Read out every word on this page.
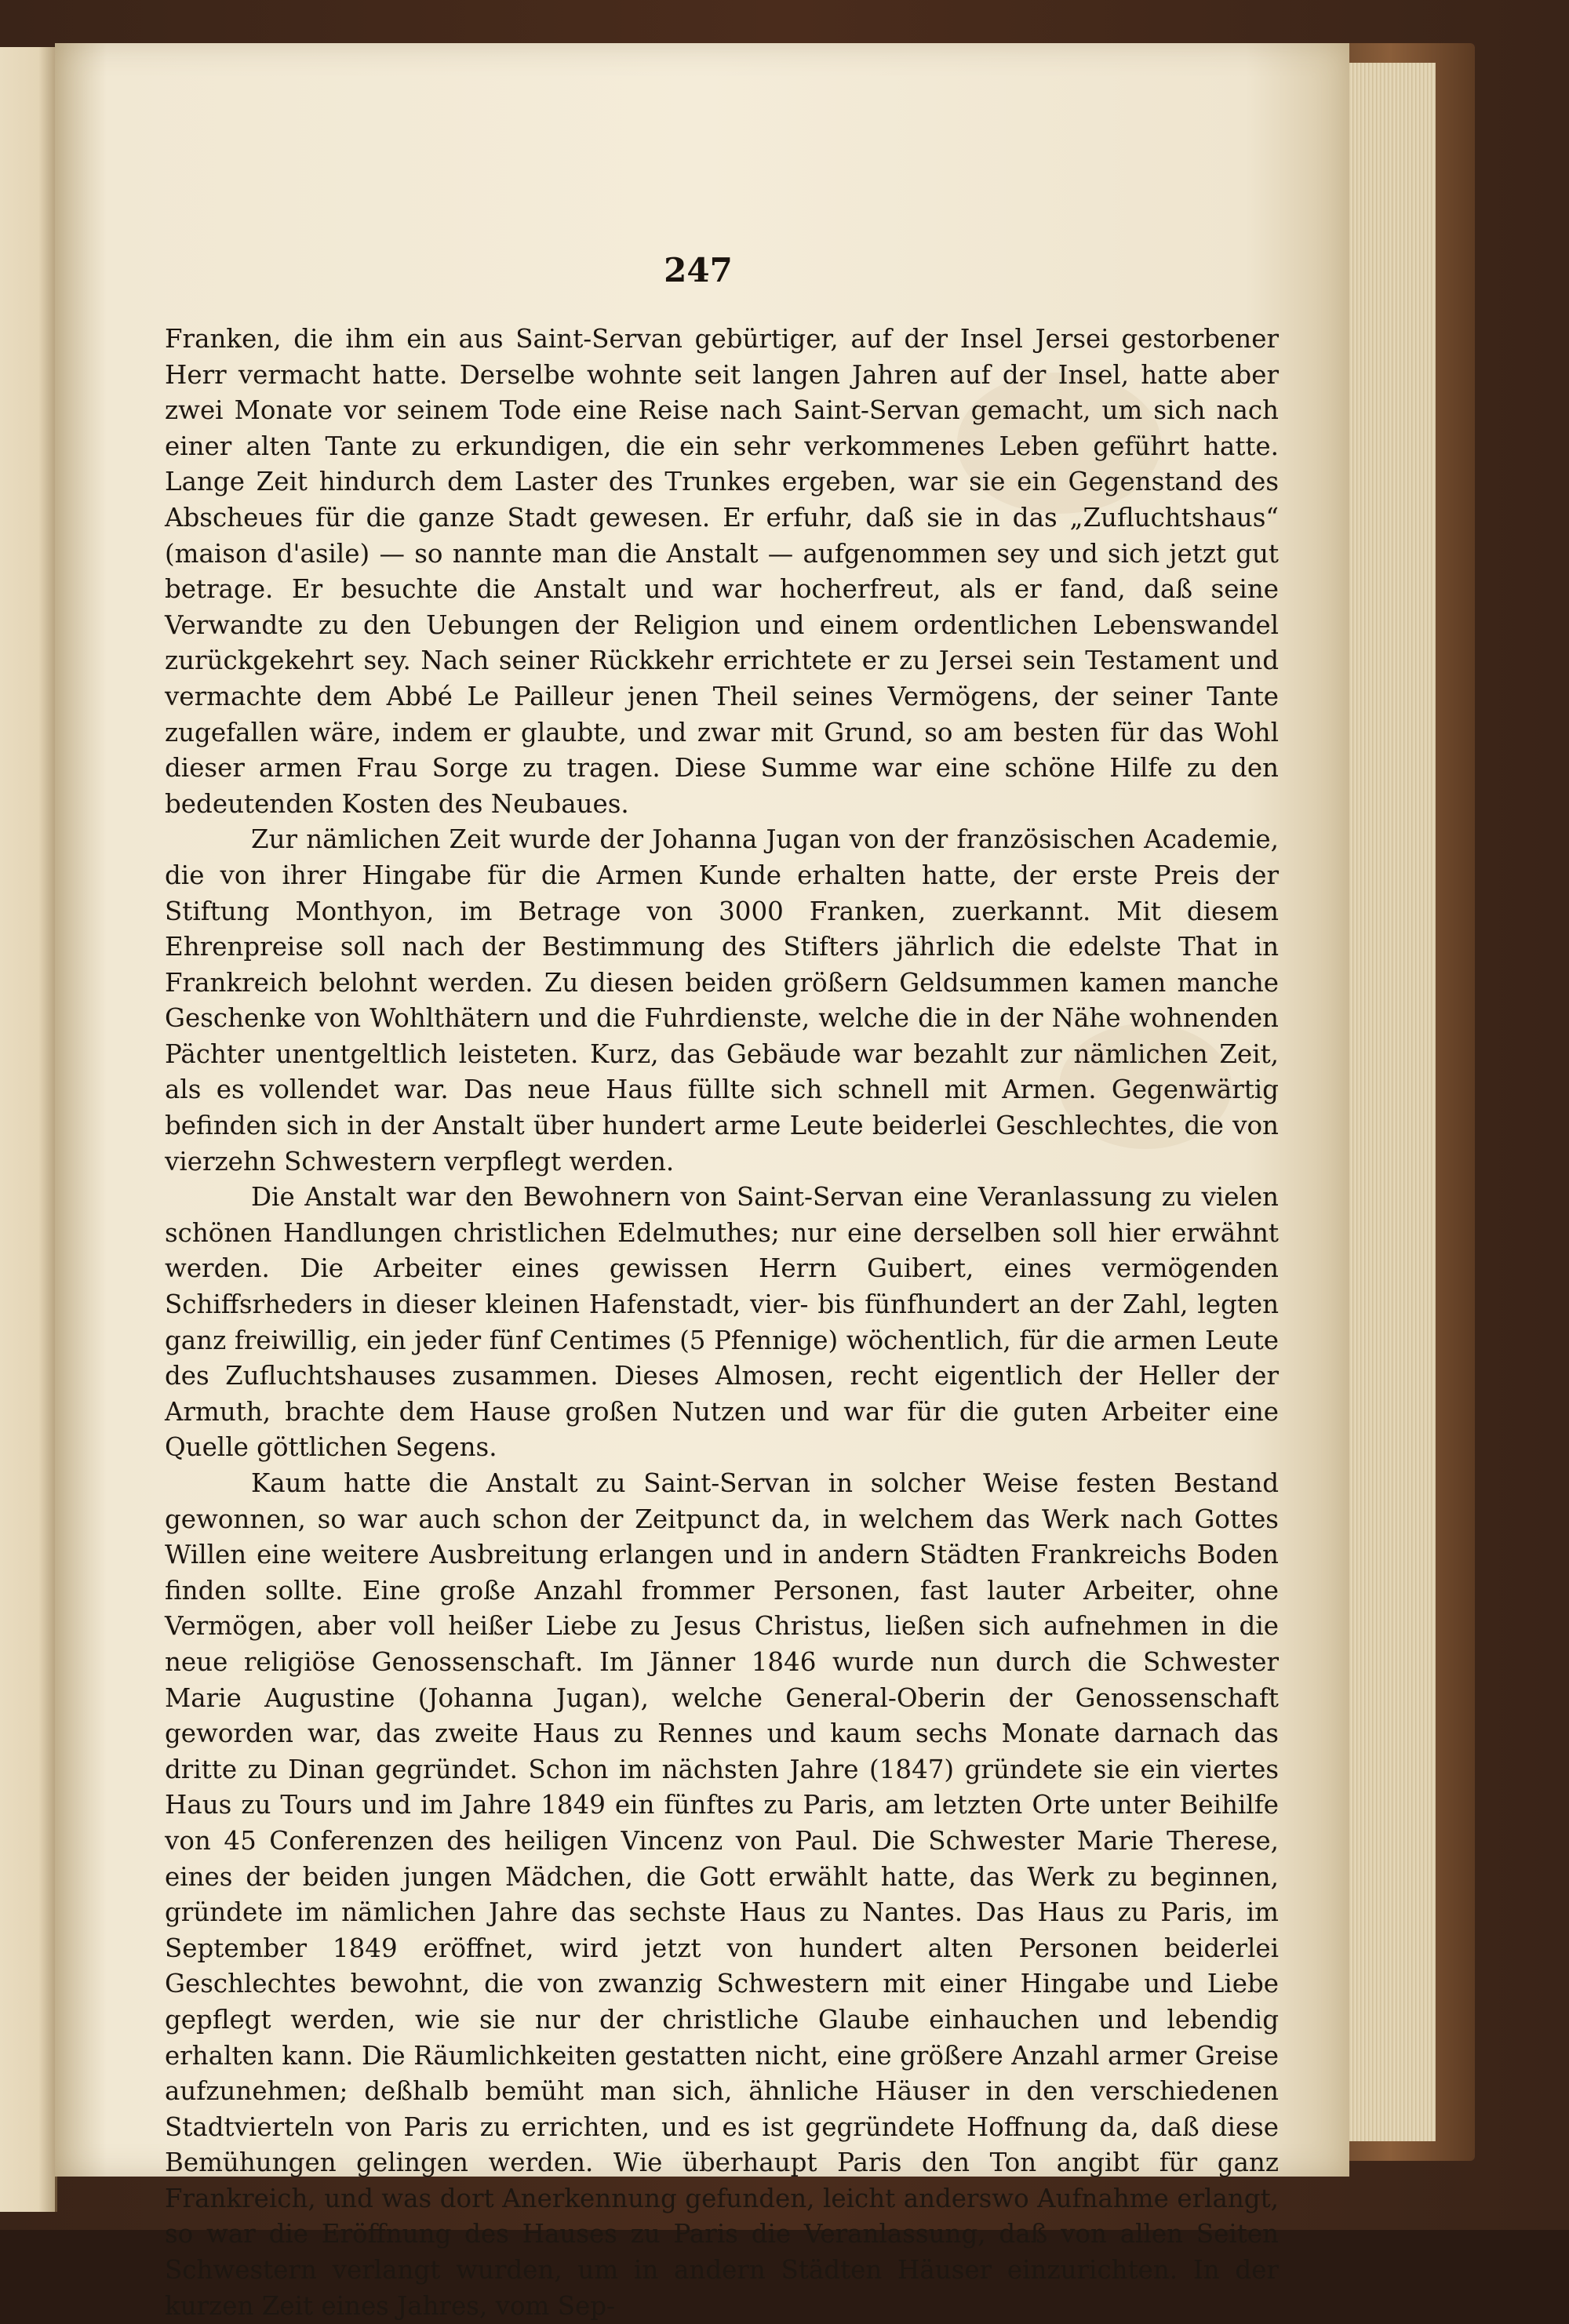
247

Franken, die ihm ein aus Saint-Servan gebürtiger, auf der Insel Jersei gestorbener Herr vermacht hatte. Derselbe wohnte seit langen Jahren auf der Insel, hatte aber zwei Monate vor seinem Tode eine Reise nach Saint-Servan gemacht, um sich nach einer alten Tante zu erkundigen, die ein sehr verkommenes Leben geführt hatte. Lange Zeit hindurch dem Laster des Trunkes ergeben, war sie ein Gegenstand des Abscheues für die ganze Stadt gewesen. Er erfuhr, daß sie in das „Zufluchtshaus“ (maison d'asile) — so nannte man die Anstalt — aufgenommen sey und sich jetzt gut betrage. Er besuchte die Anstalt und war hocherfreut, als er fand, daß seine Verwandte zu den Uebungen der Religion und einem ordentlichen Lebenswandel zurückgekehrt sey. Nach seiner Rückkehr errichtete er zu Jersei sein Testament und vermachte dem Abbé Le Pailleur jenen Theil seines Vermögens, der seiner Tante zugefallen wäre, indem er glaubte, und zwar mit Grund, so am besten für das Wohl dieser armen Frau Sorge zu tragen. Diese Summe war eine schöne Hilfe zu den bedeutenden Kosten des Neubaues.

Zur nämlichen Zeit wurde der Johanna Jugan von der französischen Academie, die von ihrer Hingabe für die Armen Kunde erhalten hatte, der erste Preis der Stiftung Monthyon, im Betrage von 3000 Franken, zuerkannt. Mit diesem Ehrenpreise soll nach der Bestimmung des Stifters jährlich die edelste That in Frankreich belohnt werden. Zu diesen beiden größern Geldsummen kamen manche Geschenke von Wohlthätern und die Fuhrdienste, welche die in der Nähe wohnenden Pächter unentgeltlich leisteten. Kurz, das Gebäude war bezahlt zur nämlichen Zeit, als es vollendet war. Das neue Haus füllte sich schnell mit Armen. Gegenwärtig befinden sich in der Anstalt über hundert arme Leute beiderlei Geschlechtes, die von vierzehn Schwestern verpflegt werden.

Die Anstalt war den Bewohnern von Saint-Servan eine Veranlassung zu vielen schönen Handlungen christlichen Edelmuthes; nur eine derselben soll hier erwähnt werden. Die Arbeiter eines gewissen Herrn Guibert, eines vermögenden Schiffsrheders in dieser kleinen Hafenstadt, vier- bis fünfhundert an der Zahl, legten ganz freiwillig, ein jeder fünf Centimes (5 Pfennige) wöchentlich, für die armen Leute des Zufluchtshauses zusammen. Dieses Almosen, recht eigentlich der Heller der Armuth, brachte dem Hause großen Nutzen und war für die guten Arbeiter eine Quelle göttlichen Segens.

Kaum hatte die Anstalt zu Saint-Servan in solcher Weise festen Bestand gewonnen, so war auch schon der Zeitpunct da, in welchem das Werk nach Gottes Willen eine weitere Ausbreitung erlangen und in andern Städten Frankreichs Boden finden sollte. Eine große Anzahl frommer Personen, fast lauter Arbeiter, ohne Vermögen, aber voll heißer Liebe zu Jesus Christus, ließen sich aufnehmen in die neue religiöse Genossenschaft. Im Jänner 1846 wurde nun durch die Schwester Marie Augustine (Johanna Jugan), welche General-Oberin der Genossenschaft geworden war, das zweite Haus zu Rennes und kaum sechs Monate darnach das dritte zu Dinan gegründet. Schon im nächsten Jahre (1847) gründete sie ein viertes Haus zu Tours und im Jahre 1849 ein fünftes zu Paris, am letzten Orte unter Beihilfe von 45 Conferenzen des heiligen Vincenz von Paul. Die Schwester Marie Therese, eines der beiden jungen Mädchen, die Gott erwählt hatte, das Werk zu beginnen, gründete im nämlichen Jahre das sechste Haus zu Nantes. Das Haus zu Paris, im September 1849 eröffnet, wird jetzt von hundert alten Personen beiderlei Geschlechtes bewohnt, die von zwanzig Schwestern mit einer Hingabe und Liebe gepflegt werden, wie sie nur der christliche Glaube einhauchen und lebendig erhalten kann. Die Räumlichkeiten gestatten nicht, eine größere Anzahl armer Greise aufzunehmen; deßhalb bemüht man sich, ähnliche Häuser in den verschiedenen Stadtvierteln von Paris zu errichten, und es ist gegründete Hoffnung da, daß diese Bemühungen gelingen werden. Wie überhaupt Paris den Ton angibt für ganz Frankreich, und was dort Anerkennung gefunden, leicht anderswo Aufnahme erlangt, so war die Eröffnung des Hauses zu Paris die Veranlassung, daß von allen Seiten Schwestern verlangt wurden, um in andern Städten Häuser einzurichten. In der kurzen Zeit eines Jahres, vom Sep-
